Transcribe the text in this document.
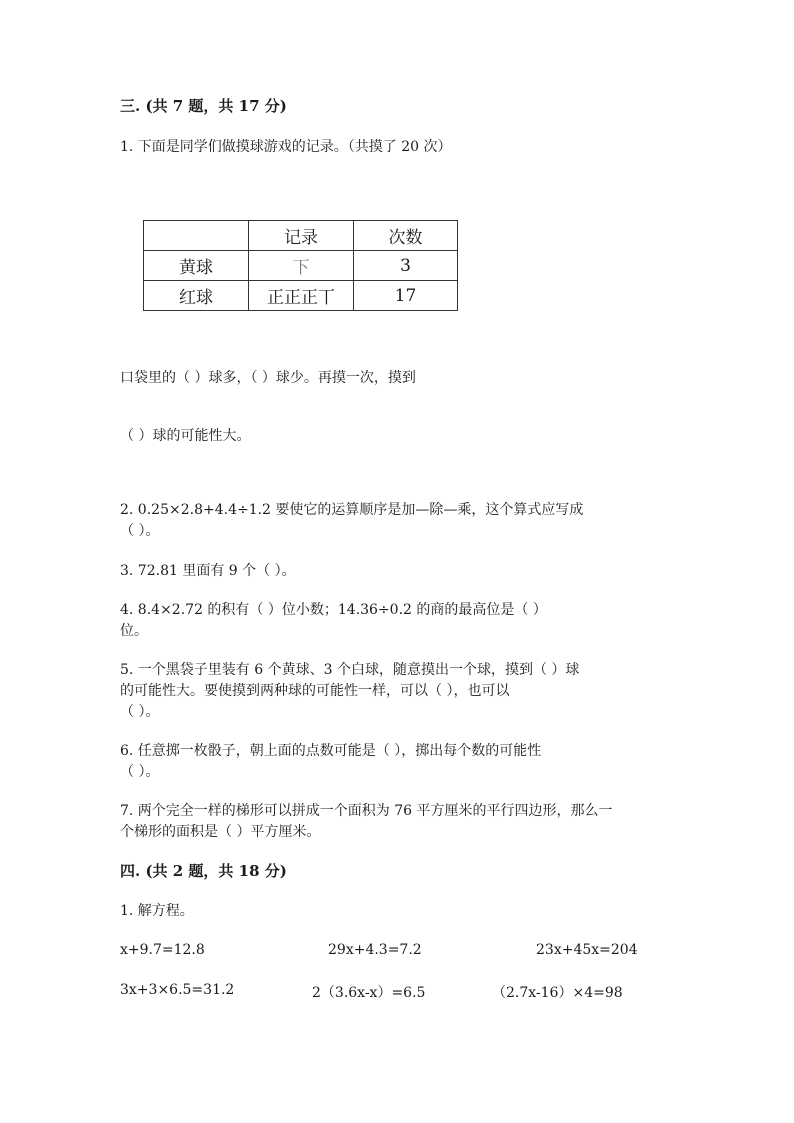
三. (共 7 题，共 17 分)
1. 下面是同学们做摸球游戏的记录。（共摸了 20 次）
	记录	次数
黄球	下	3
红球	正正正丅	17
口袋里的（ ）球多，（ ）球少。再摸一次，摸到
（ ）球的可能性大。
2. 0.25×2.8+4.4÷1.2 要使它的运算顺序是加—除—乘，这个算式应写成
（ ）。
3. 72.81 里面有 9 个（ ）。
4. 8.4×2.72 的积有（ ）位小数；14.36÷0.2 的商的最高位是（ ）
位。
5. 一个黑袋子里装有 6 个黄球、3 个白球，随意摸出一个球，摸到（ ）球
的可能性大。要使摸到两种球的可能性一样，可以（ ），也可以
（ ）。
6. 任意掷一枚骰子，朝上面的点数可能是（ ），掷出每个数的可能性
（ ）。
7. 两个完全一样的梯形可以拼成一个面积为 76 平方厘米的平行四边形，那么一
个梯形的面积是（ ）平方厘米。
四. (共 2 题，共 18 分)
1. 解方程。
x+9.7=12.8	29x+4.3=7.2	23x+45x=204
3x+3×6.5=31.2	2（3.6x-x）=6.5	（2.7x-16）×4=98
